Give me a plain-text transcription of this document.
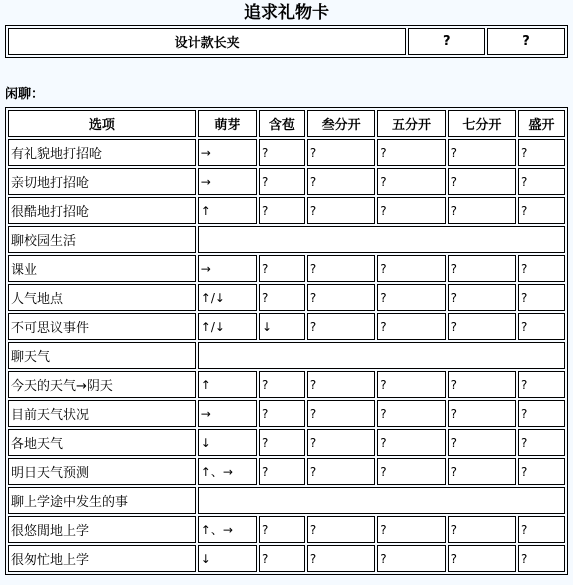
追求礼物卡
设计款长夹	?	?
闲聊：
选项	萌芽	含苞	叁分开	五分开	七分开	盛开
有礼貌地打招呛	→	?	?	?	?	?
亲切地打招呛	→	?	?	?	?	?
很酷地打招呛	↑	?	?	?	?	?
聊校园生活						
课业	→	?	?	?	?	?
人气地点	↑/↓	?	?	?	?	?
不可思议事件	↑/↓	↓	?	?	?	?
聊天气						
今天的天气→阴天	↑	?	?	?	?	?
目前天气状况	→	?	?	?	?	?
各地天气	↓	?	?	?	?	?
明日天气预测	↑、→	?	?	?	?	?
聊上学途中发生的事						
很悠閒地上学	↑、→	?	?	?	?	?
很匆忙地上学	↓	?	?	?	?	?
